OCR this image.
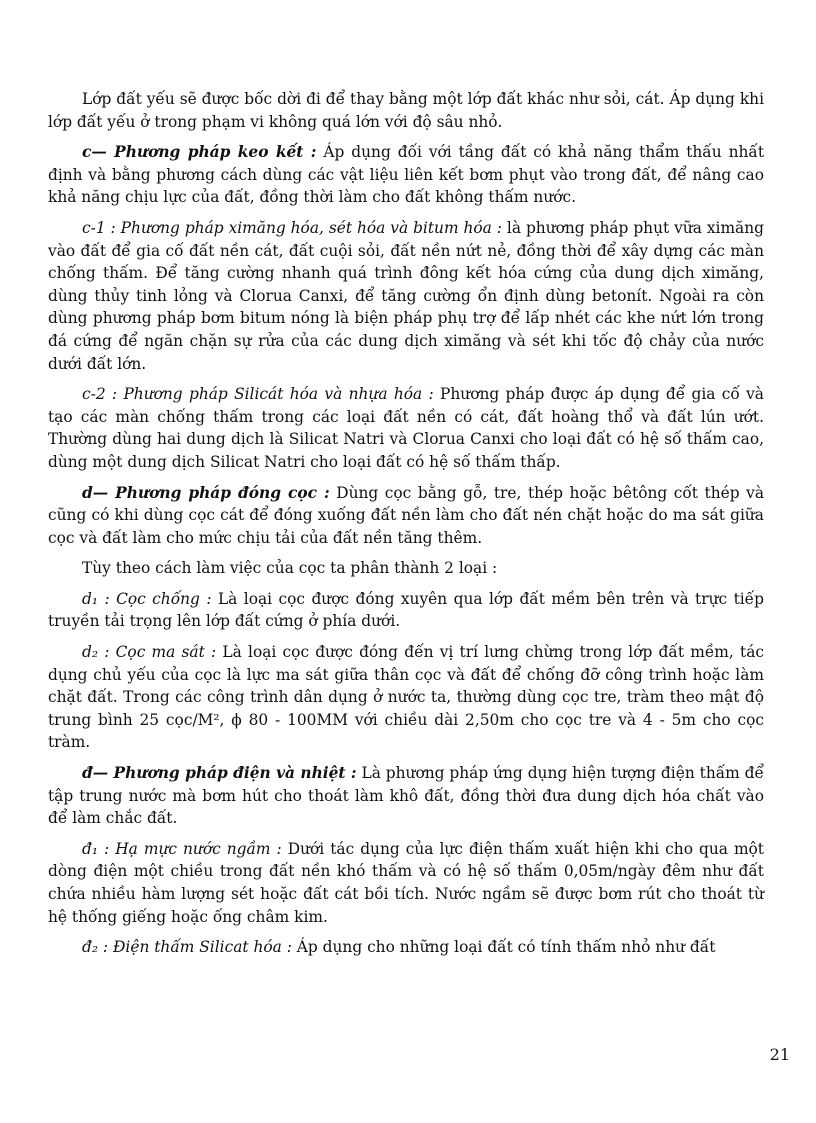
Lớp đất yếu sẽ được bốc dời đi để thay bằng một lớp đất khác như sỏi, cát. Áp dụng khi lớp đất yếu ở trong phạm vi không quá lớn với độ sâu nhỏ.

c— Phương pháp keo kết : Áp dụng đối với tầng đất có khả năng thẩm thấu nhất định và bằng phương cách dùng các vật liệu liên kết bơm phụt vào trong đất, để nâng cao khả năng chịu lực của đất, đồng thời làm cho đất không thấm nước.

c-1 : Phương pháp ximăng hóa, sét hóa và bitum hóa : là phương pháp phụt vữa ximăng vào đất để gia cố đất nền cát, đất cuội sỏi, đất nền nứt nẻ, đồng thời để xây dựng các màn chống thấm. Để tăng cường nhanh quá trình đông kết hóa cứng của dung dịch ximăng, dùng thủy tinh lỏng và Clorua Canxi, để tăng cường ổn định dùng betonít. Ngoài ra còn dùng phương pháp bơm bitum nóng là biện pháp phụ trợ để lấp nhét các khe nứt lớn trong đá cứng để ngăn chặn sự rửa của các dung dịch ximăng và sét khi tốc độ chảy của nước dưới đất lớn.

c-2 : Phương pháp Silicát hóa và nhựa hóa : Phương pháp được áp dụng để gia cố và tạo các màn chống thấm trong các loại đất nền có cát, đất hoàng thổ và đất lún ướt. Thường dùng hai dung dịch là Silicat Natri và Clorua Canxi cho loại đất có hệ số thấm cao, dùng một dung dịch Silicat Natri cho loại đất có hệ số thấm thấp.

d— Phương pháp đóng cọc : Dùng cọc bằng gỗ, tre, thép hoặc bêtông cốt thép và cũng có khi dùng cọc cát để đóng xuống đất nền làm cho đất nén chặt hoặc do ma sát giữa cọc và đất làm cho mức chịu tải của đất nền tăng thêm.

Tùy theo cách làm việc của cọc ta phân thành 2 loại :

d₁ : Cọc chống : Là loại cọc được đóng xuyên qua lớp đất mềm bên trên và trực tiếp truyền tải trọng lên lớp đất cứng ở phía dưới.

d₂ : Cọc ma sát : Là loại cọc được đóng đến vị trí lưng chừng trong lớp đất mềm, tác dụng chủ yếu của cọc là lực ma sát giữa thân cọc và đất để chống đỡ công trình hoặc làm chặt đất. Trong các công trình dân dụng ở nước ta, thường dùng cọc tre, tràm theo mật độ trung bình 25 cọc/M², ϕ 80 - 100MM với chiều dài 2,50m cho cọc tre và 4 - 5m cho cọc tràm.

đ— Phương pháp điện và nhiệt : Là phương pháp ứng dụng hiện tượng điện thấm để tập trung nước mà bơm hút cho thoát làm khô đất, đồng thời đưa dung dịch hóa chất vào để làm chắc đất.

đ₁ : Hạ mực nước ngầm : Dưới tác dụng của lực điện thấm xuất hiện khi cho qua một dòng điện một chiều trong đất nền khó thấm và có hệ số thấm 0,05m/ngày đêm như đất chứa nhiều hàm lượng sét hoặc đất cát bồi tích. Nước ngầm sẽ được bơm rút cho thoát từ hệ thống giếng hoặc ống châm kim.

đ₂ : Điện thấm Silicat hóa : Áp dụng cho những loại đất có tính thấm nhỏ như đất

21
